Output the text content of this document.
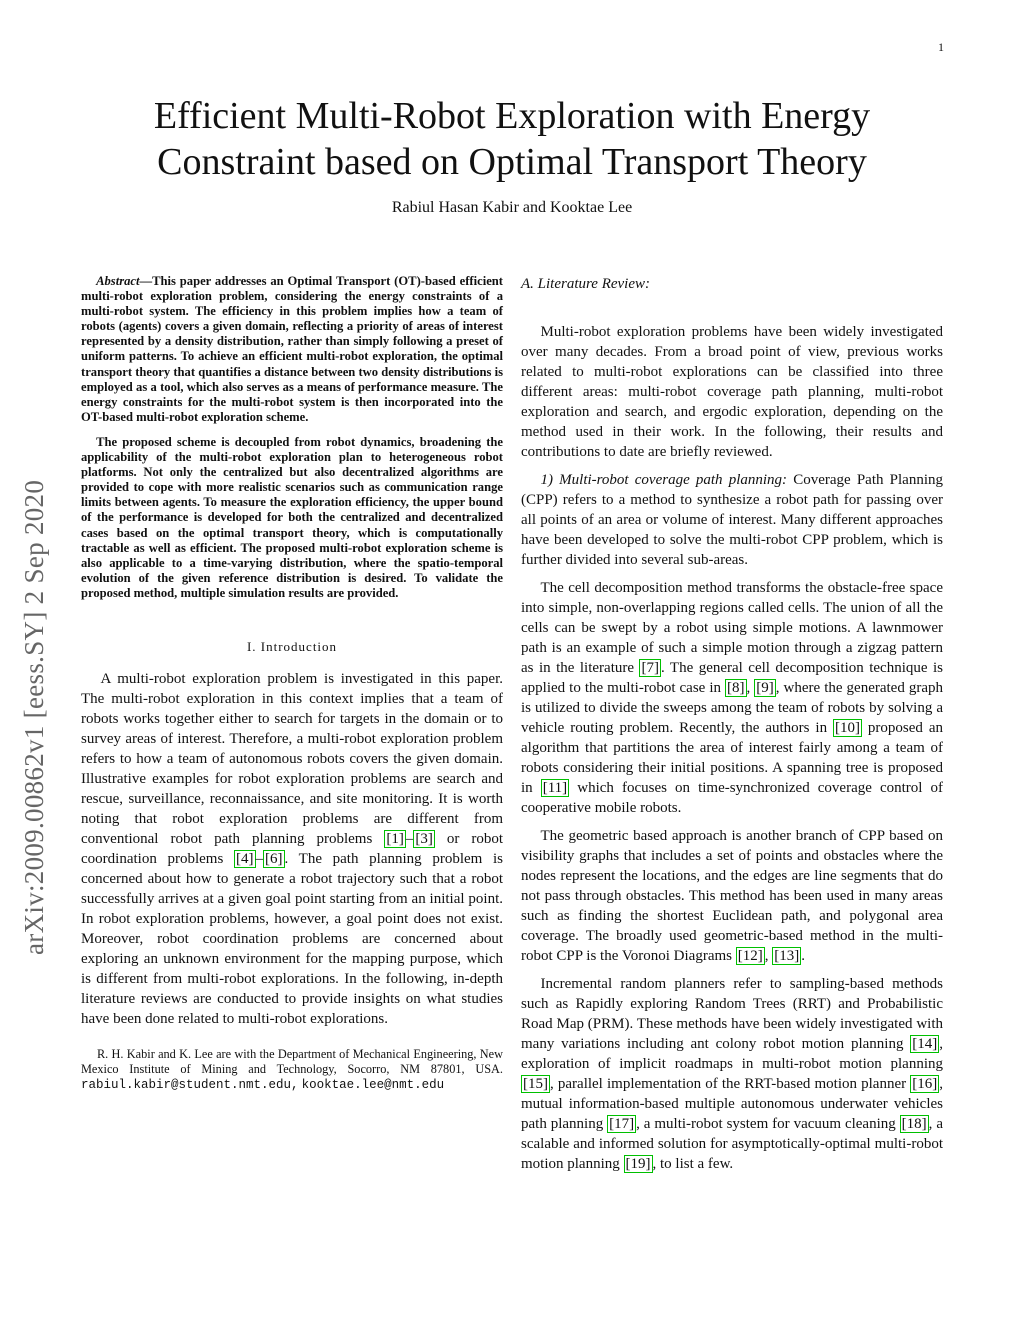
1
Efficient Multi-Robot Exploration with Energy
Constraint based on Optimal Transport Theory
Rabiul Hasan Kabir and Kooktae Lee
arXiv:2009.00862v1 [eess.SY] 2 Sep 2020

Abstract—This paper addresses an Optimal Transport (OT)-based efficient multi-robot exploration problem, considering the energy constraints of a multi-robot system. The efficiency in this problem implies how a team of robots (agents) covers a given domain, reflecting a priority of areas of interest represented by a density distribution, rather than simply following a preset of uniform patterns. To achieve an efficient multi-robot exploration, the optimal transport theory that quantifies a distance between two density distributions is employed as a tool, which also serves as a means of performance measure. The energy constraints for the multi-robot system is then incorporated into the OT-based multi-robot exploration scheme.

The proposed scheme is decoupled from robot dynamics, broadening the applicability of the multi-robot exploration plan to heterogeneous robot platforms. Not only the centralized but also decentralized algorithms are provided to cope with more realistic scenarios such as communication range limits between agents. To measure the exploration efficiency, the upper bound of the performance is developed for both the centralized and decentralized cases based on the optimal transport theory, which is computationally tractable as well as efficient. The proposed multi-robot exploration scheme is also applicable to a time-varying distribution, where the spatio-temporal evolution of the given reference distribution is desired. To validate the proposed method, multiple simulation results are provided.

I. Introduction

A multi-robot exploration problem is investigated in this paper. The multi-robot exploration in this context implies that a team of robots works together either to search for targets in the domain or to survey areas of interest. Therefore, a multi-robot exploration problem refers to how a team of autonomous robots covers the given domain. Illustrative examples for robot exploration problems are search and rescue, surveillance, reconnaissance, and site monitoring. It is worth noting that robot exploration problems are different from conventional robot path planning problems [1] – [3] or robot coordination problems [4] – [6] . The path planning problem is concerned about how to generate a robot trajectory such that a robot successfully arrives at a given goal point starting from an initial point. In robot exploration problems, however, a goal point does not exist. Moreover, robot coordination problems are concerned about exploring an unknown environment for the mapping purpose, which is different from multi-robot explorations. In the following, in-depth literature reviews are conducted to provide insights on what studies have been done related to multi-robot explorations.

R. H. Kabir and K. Lee are with the Department of Mechanical Engineering, New Mexico Institute of Mining and Technology, Socorro, NM 87801, USA. rabiul.kabir@student.nmt.edu, kooktae.lee@nmt.edu

A. Literature Review:

Multi-robot exploration problems have been widely investigated over many decades. From a broad point of view, previous works related to multi-robot explorations can be classified into three different areas: multi-robot coverage path planning, multi-robot exploration and search, and ergodic exploration, depending on the method used in their work. In the following, their results and contributions to date are briefly reviewed.

1) Multi-robot coverage path planning: Coverage Path Planning (CPP) refers to a method to synthesize a robot path for passing over all points of an area or volume of interest. Many different approaches have been developed to solve the multi-robot CPP problem, which is further divided into several sub-areas.

The cell decomposition method transforms the obstacle-free space into simple, non-overlapping regions called cells. The union of all the cells can be swept by a robot using simple motions. A lawnmower path is an example of such a simple motion through a zigzag pattern as in the literature [7] . The general cell decomposition technique is applied to the multi-robot case in [8] , [9] , where the generated graph is utilized to divide the sweeps among the team of robots by solving a vehicle routing problem. Recently, the authors in [10] proposed an algorithm that partitions the area of interest fairly among a team of robots considering their initial positions. A spanning tree is proposed in [11] which focuses on time-synchronized coverage control of cooperative mobile robots.

The geometric based approach is another branch of CPP based on visibility graphs that includes a set of points and obstacles where the nodes represent the locations, and the edges are line segments that do not pass through obstacles. This method has been used in many areas such as finding the shortest Euclidean path, and polygonal area coverage. The broadly used geometric-based method in the multi-robot CPP is the Voronoi Diagrams [12] , [13] .

Incremental random planners refer to sampling-based methods such as Rapidly exploring Random Trees (RRT) and Probabilistic Road Map (PRM). These methods have been widely investigated with many variations including ant colony robot motion planning [14] , exploration of implicit roadmaps in multi-robot motion planning [15] , parallel implementation of the RRT-based motion planner [16] , mutual information-based multiple autonomous underwater vehicles path planning [17] , a multi-robot system for vacuum cleaning [18] , a scalable and informed solution for asymptotically-optimal multi-robot motion planning [19] , to list a few.
